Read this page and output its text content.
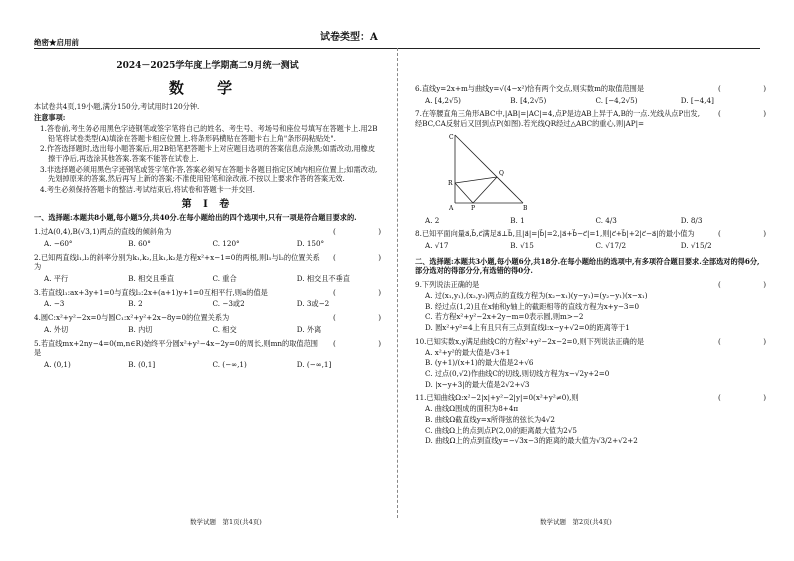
绝密★启用前	试卷类型：A
2024－2025学年度上学期高二9月统一测试
数 学
本试卷共4页,19小题,满分150分,考试用时120分钟.
注意事项:
1.答卷前,考生务必用黑色字迹钢笔或签字笔将自己的姓名、考生号、考场号和座位号填写在答题卡上.用2B铅笔将试卷类型(A)填涂在答题卡相应位置上.将条形码横贴在答题卡右上角"条形码粘贴处".
2.作答选择题时,选出每小题答案后,用2B铅笔把答题卡上对应题目选项的答案信息点涂黑;如需改动,用橡皮擦干净后,再选涂其他答案.答案不能答在试卷上.
3.非选择题必须用黑色字迹钢笔或签字笔作答,答案必须写在答题卡各题目指定区域内相应位置上;如需改动,先划掉原来的答案,然后再写上新的答案;不准使用铅笔和涂改液.不按以上要求作答的答案无效.
4.考生必须保持答题卡的整洁.考试结束后,将试卷和答题卡一并交回.
第 Ⅰ 卷
一、选择题:本题共8小题,每小题5分,共40分.在每小题给出的四个选项中,只有一项是符合题目要求的.
1.过A(0,4),B(√3,1)两点的直线的倾斜角为	(	)
A. −60°	B. 60°	C. 120°	D. 150°
2.已知两直线l₁,l₂的斜率分别为k₁,k₂,且k₁,k₂是方程x²+x−1=0的两根,则l₁与l₂的位置关系为
(	)
A. 平行	B. 相交且垂直	C. 重合	D. 相交且不垂直
3.若直线l₁:ax+3y+1=0与直线l₂:2x+(a+1)y+1=0互相平行,则a的值是	(	)
A. −3	B. 2	C. −3或2	D. 3或−2
4.圆C:x²+y²−2x=0与圆C₁:x²+y²+2x−8y=0的位置关系为	(	)
A. 外切	B. 内切	C. 相交	D. 外离
5.若直线mx+2ny−4=0(m,n∈R)始终平分圆x²+y²−4x−2y=0的周长,则mn的取值范围是
(	)
A. (0,1)	B. (0,1]	C. (−∞,1)	D. (−∞,1]
6.直线y=2x+m与曲线y=√(4−x²)恰有两个交点,则实数m的取值范围是	(	)
A. [4,2√5)	B. [4,2√5)	C. [−4,2√5)	D. [−4,4]
7.在等腰直角三角形ABC中,|AB|=|AC|=4,点P是边AB上异于A,B的一点.光线从点P出发,经BC,CA反射后又回到点P(如图).若光线QR经过△ABC的重心,则|AP|=
(	)
C
Q
R
A	P	B
A. 2	B. 1	C. 4/3	D. 8/3
8.已知平面向量a⃗,b⃗,c⃗满足a⃗⊥b⃗,且|a⃗|=|b⃗|=2,|a⃗+b⃗−c⃗|=1,则|c⃗+b⃗|+2|c⃗−a⃗|的最小值为	(	)
A. √17	B. √15	C. √17/2	D. √15/2
二、选择题:本题共3小题,每小题6分,共18分.在每小题给出的选项中,有多项符合题目要求.全部选对的得6分,部分选对的得部分分,有选错的得0分.
9.下列说法正确的是	(	)
A. 过(x₁,y₁),(x₂,y₂)两点的直线方程为(x₂−x₁)(y−y₁)=(y₂−y₁)(x−x₁)
B. 经过点(1,2)且在x轴和y轴上的截距相等的直线方程为x+y−3=0
C. 若方程x²+y²−2x+2y−m=0表示圆,则m>−2
D. 圆x²+y²=4上有且只有三点到直线l:x−y+√2=0的距离等于1
10.已知实数x,y满足曲线C的方程x²+y²−2x−2=0,则下列说法正确的是	(	)
A. x²+y²的最大值是√3+1
B. (y+1)/(x+1)的最大值是2+√6
C. 过点(0,√2)作曲线C的切线,则切线方程为x−√2y+2=0
D. |x−y+3|的最大值是2√2+√3
11.已知曲线Ω:x²−2|x|+y²−2|y|=0(x²+y²≠0),则	(	)
A. 曲线Ω围成的面积为8+4π
B. 曲线Ω截直线y=x所得弦的弦长为4√2
C. 曲线Ω上的点到点P(2,0)的距离最大值为2√5
D. 曲线Ω上的点到直线y=−√3x−3的距离的最大值为√3/2+√2+2
数学试题　第1页(共4页)	数学试题　第2页(共4页)
